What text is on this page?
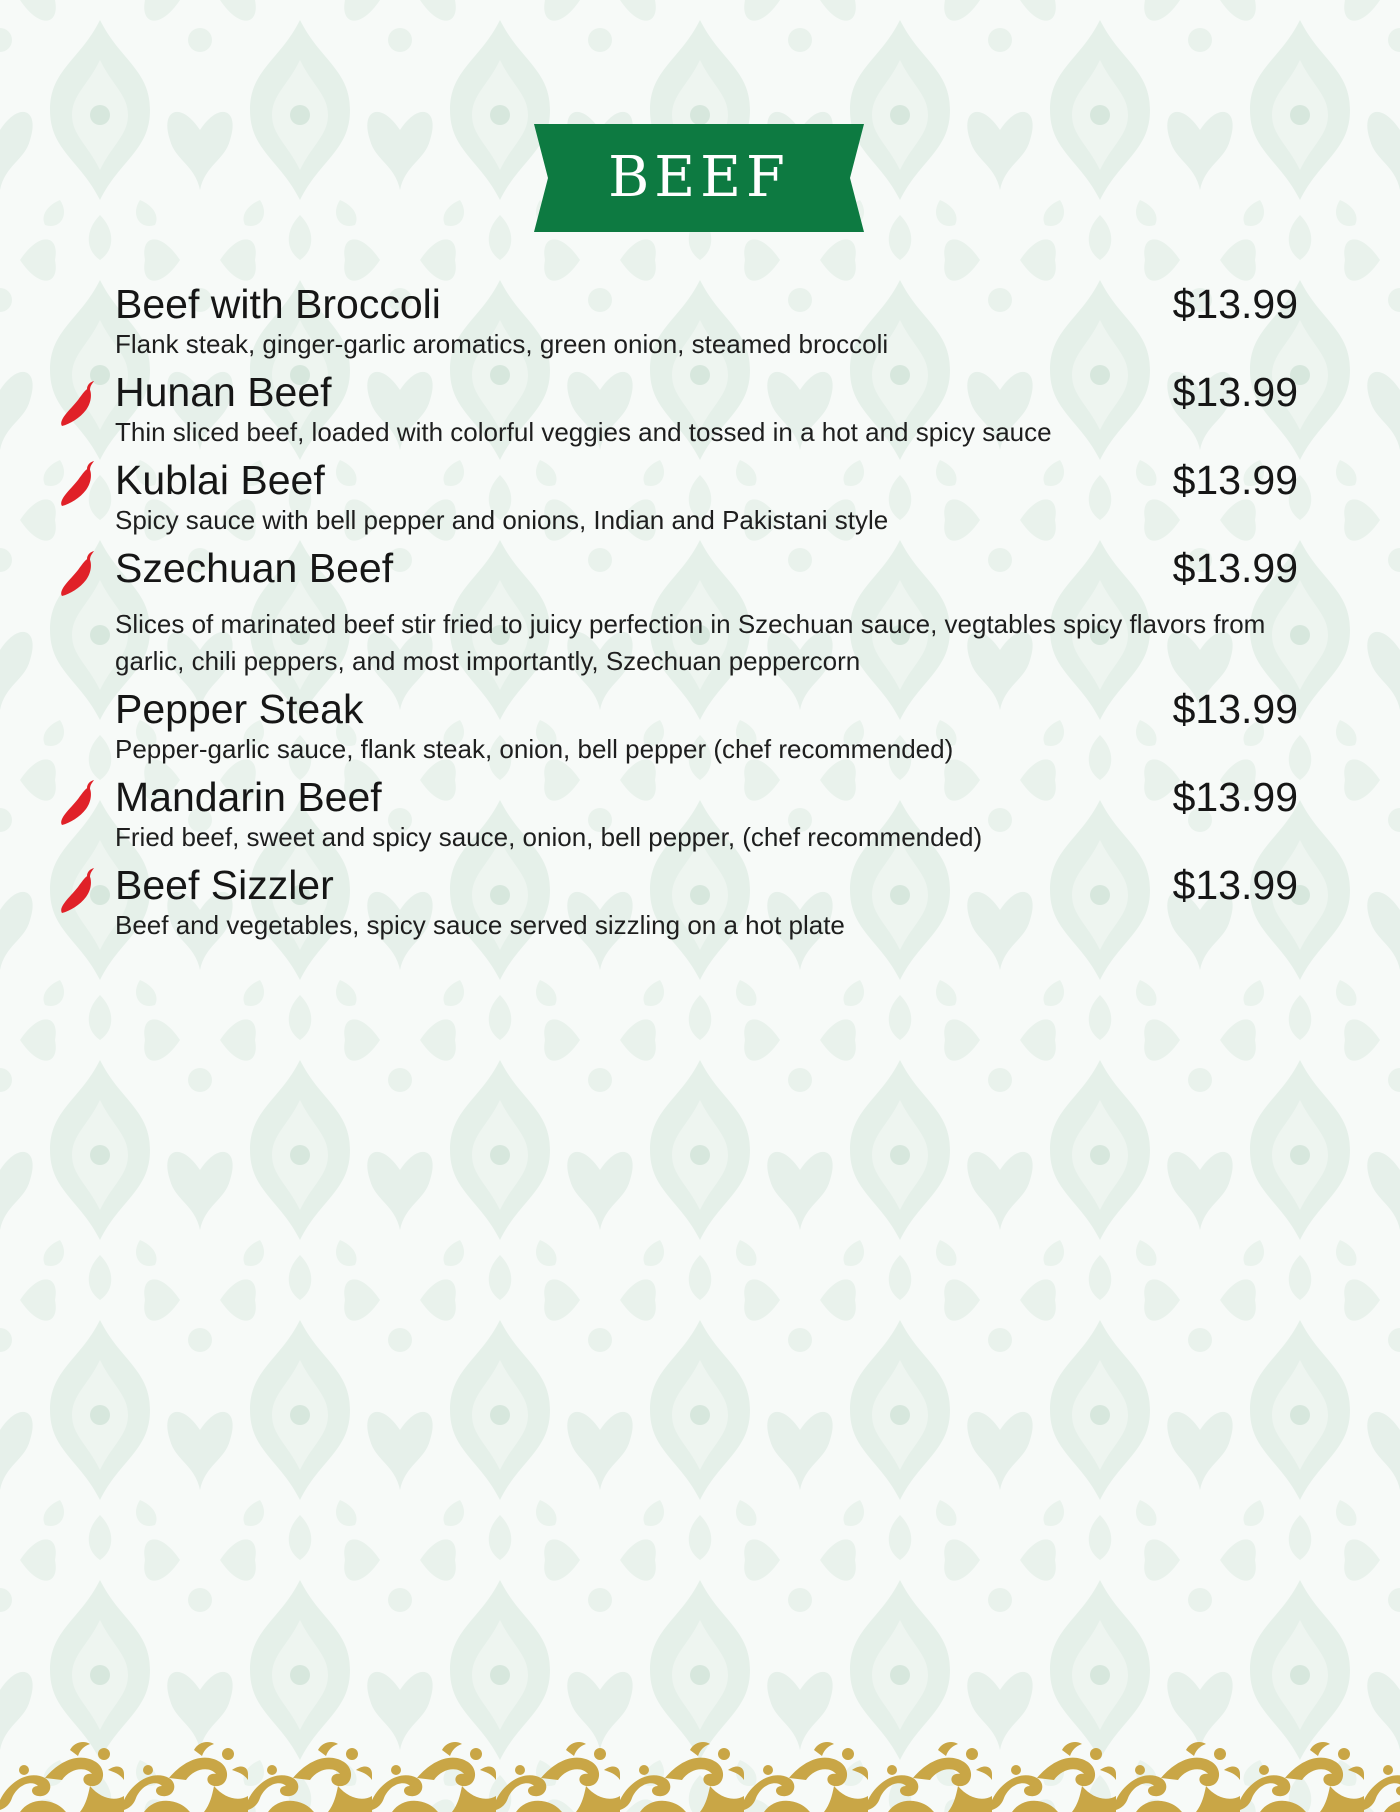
BEEF
Beef with Broccoli	$13.99
Flank steak, ginger-garlic aromatics, green onion, steamed broccoli
Hunan Beef	$13.99
Thin sliced beef, loaded with colorful veggies and tossed in a hot and spicy sauce
Kublai Beef	$13.99
Spicy sauce with bell pepper and onions, Indian and Pakistani style
Szechuan Beef	$13.99
Slices of marinated beef stir fried to juicy perfection in Szechuan sauce, vegtables spicy flavors from garlic, chili peppers, and most importantly, Szechuan peppercorn
Pepper Steak	$13.99
Pepper-garlic sauce, flank steak, onion, bell pepper (chef recommended)
Mandarin Beef	$13.99
Fried beef, sweet and spicy sauce, onion, bell pepper, (chef recommended)
Beef Sizzler	$13.99
Beef and vegetables, spicy sauce served sizzling on a hot plate
